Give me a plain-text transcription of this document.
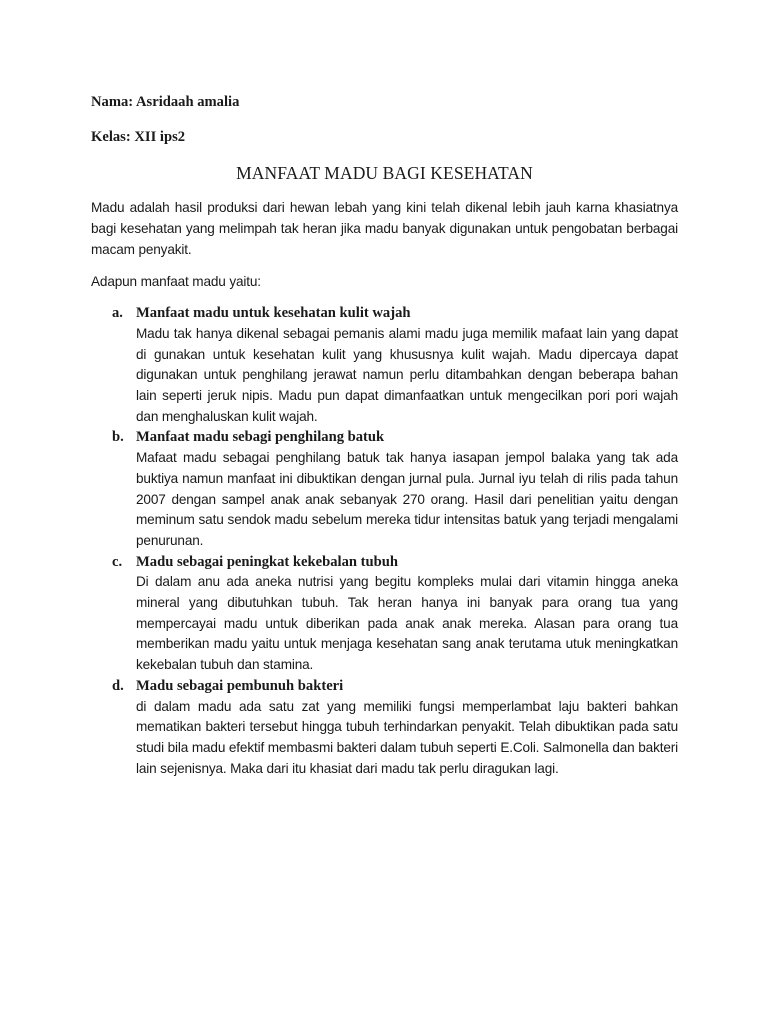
Nama: Asridaah amalia

Kelas: XII ips2

MANFAAT MADU BAGI KESEHATAN

Madu adalah hasil produksi dari hewan lebah yang kini telah dikenal lebih jauh karna khasiatnya bagi kesehatan yang melimpah tak heran jika madu banyak digunakan untuk pengobatan berbagai macam penyakit.

Adapun manfaat madu yaitu:

a. Manfaat madu untuk kesehatan kulit wajah

Madu tak hanya dikenal sebagai pemanis alami madu juga memilik mafaat lain yang dapat di gunakan untuk kesehatan kulit yang khususnya kulit wajah. Madu dipercaya dapat digunakan untuk penghilang jerawat namun perlu ditambahkan dengan beberapa bahan lain seperti jeruk nipis. Madu pun dapat dimanfaatkan untuk mengecilkan pori pori wajah dan menghaluskan kulit wajah.

b. Manfaat madu sebagi penghilang batuk

Mafaat madu sebagai penghilang batuk tak hanya iasapan jempol balaka yang tak ada buktiya namun manfaat ini dibuktikan dengan jurnal pula. Jurnal iyu telah di rilis pada tahun 2007 dengan sampel anak anak sebanyak 270 orang. Hasil dari penelitian yaitu dengan meminum satu sendok madu sebelum mereka tidur intensitas batuk yang terjadi mengalami penurunan.

c. Madu sebagai peningkat kekebalan tubuh

Di dalam anu ada aneka nutrisi yang begitu kompleks mulai dari vitamin hingga aneka mineral yang dibutuhkan tubuh. Tak heran hanya ini banyak para orang tua yang mempercayai madu untuk diberikan pada anak anak mereka. Alasan para orang tua memberikan madu yaitu untuk menjaga kesehatan sang anak terutama utuk meningkatkan kekebalan tubuh dan stamina.

d. Madu sebagai pembunuh bakteri

di dalam madu ada satu zat yang memiliki fungsi memperlambat laju bakteri bahkan mematikan bakteri tersebut hingga tubuh terhindarkan penyakit. Telah dibuktikan pada satu studi bila madu efektif membasmi bakteri dalam tubuh seperti E.Coli. Salmonella dan bakteri lain sejenisnya. Maka dari itu khasiat dari madu tak perlu diragukan lagi.
